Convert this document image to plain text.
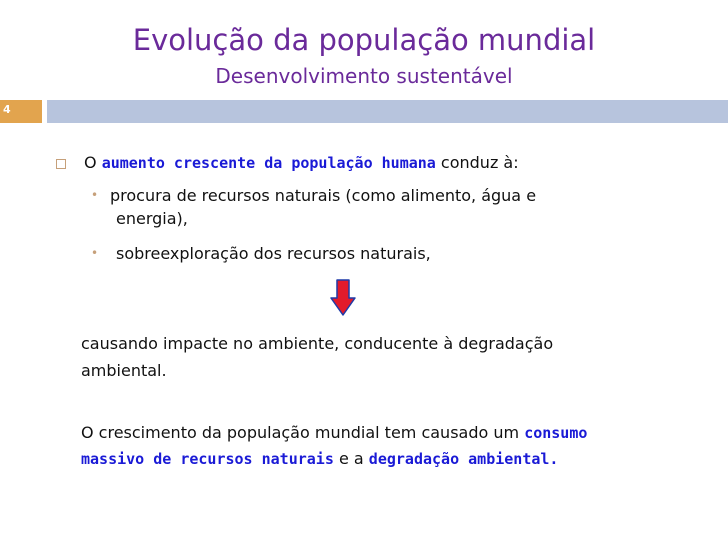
Evolução da população mundial
Desenvolvimento sustentável
4
O aumento crescente da população humana conduz à:
• procura de recursos naturais (como alimento, água e
energia),
• sobreexploração dos recursos naturais,
causando impacte no ambiente, conducente à degradação
ambiental.
O crescimento da população mundial tem causado um consumo
massivo de recursos naturais e a degradação ambiental.
